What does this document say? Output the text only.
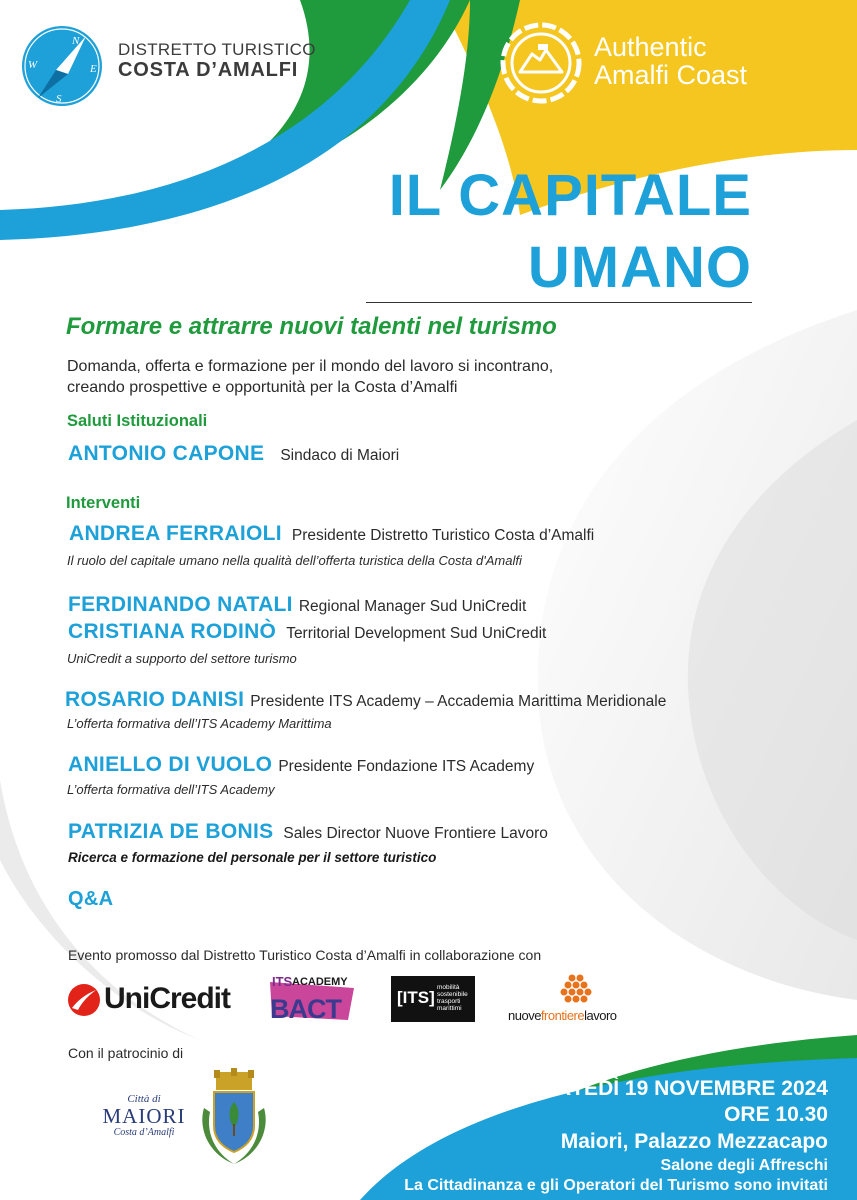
N
E
S
W
DISTRETTO TURISTICO
COSTA D’AMALFI
Authentic
Amalfi Coast
IL CAPITALE
UMANO
Formare e attrarre nuovi talenti nel turismo
Domanda, offerta e formazione per il mondo del lavoro si incontrano,
creando prospettive e opportunità per la Costa d’Amalfi
Saluti Istituzionali
ANTONIO CAPONE Sindaco di Maiori
Interventi
ANDREA FERRAIOLI Presidente Distretto Turistico Costa d’Amalfi
Il ruolo del capitale umano nella qualità dell’offerta turistica della Costa d'Amalfi
FERDINANDO NATALI Regional Manager Sud UniCredit
CRISTIANA RODINÒ Territorial Development Sud UniCredit
UniCredit a supporto del settore turismo
ROSARIO DANISI Presidente ITS Academy – Accademia Marittima Meridionale
L’offerta formativa dell’ITS Academy Marittima
ANIELLO DI VUOLO Presidente Fondazione ITS Academy
L’offerta formativa dell’ITS Academy
PATRIZIA DE BONIS Sales Director Nuove Frontiere Lavoro
Ricerca e formazione del personale per il settore turistico
Q&A
Evento promosso dal Distretto Turistico Costa d’Amalfi in collaborazione con
UniCredit
ITS ACADEMY
BACT	[ITS]
mobilità sostenibile trasporti marittimi	nuovefrontierelavoro
Con il patrocinio di
Città di
MAIORI
Costa d’Amalfi
MARTEDÌ 19 NOVEMBRE 2024
ORE 10.30
Maiori, Palazzo Mezzacapo
Salone degli Affreschi
La Cittadinanza e gli Operatori del Turismo sono invitati
